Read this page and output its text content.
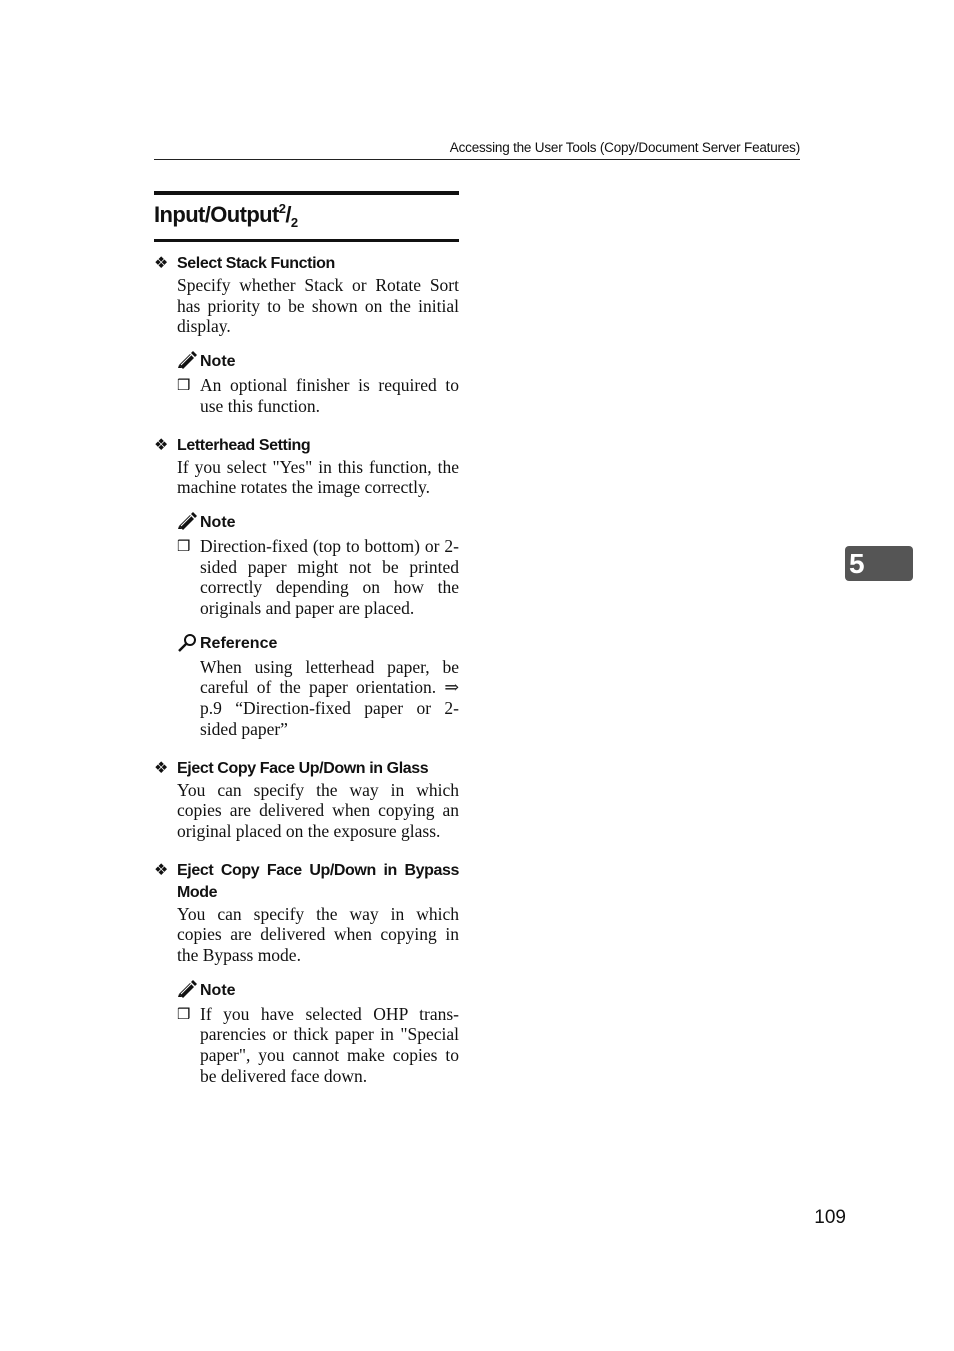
Accessing the User Tools (Copy/Document Server Features)
Input/$Output^2/_2$
❖ Select Stack Function
Specify whether Stack or Rotate Sort has priority to be shown on the initial display.
Note
❒ An optional finisher is required to use this function.
❖ Letterhead Setting
If you select "Yes" in this function, the machine rotates the image correctly.
Note
❒ Direction-fixed (top to bottom) or 2-sided paper might not be printed correctly depending on how the originals and paper are placed.
Reference
When using letterhead paper, be careful of the paper orientation. ⇒ p.9 “Direction-fixed paper or 2-sided paper”
❖ Eject Copy Face Up/Down in Glass
You can specify the way in which copies are delivered when copying an original placed on the exposure glass.
❖ Eject Copy Face Up/Down in Bypass Mode
You can specify the way in which copies are delivered when copying in the Bypass mode.
Note
❒ If you have selected OHP transparencies or thick paper in "Special paper", you cannot make copies to be delivered face down.
5
109
